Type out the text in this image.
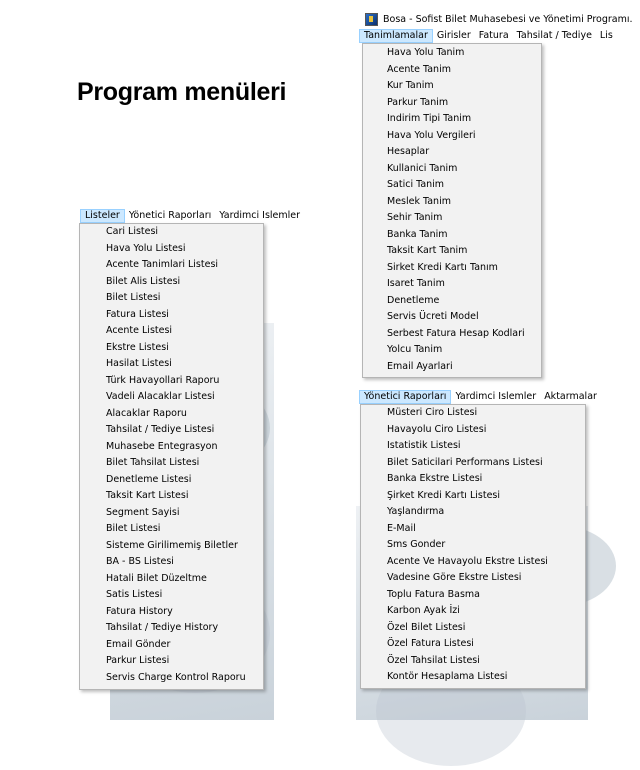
Program menüleri
Listeler Yönetici Raporları Yardimci Islemler
Cari Listesi
Hava Yolu Listesi
Acente Tanimlari Listesi
Bilet Alis Listesi
Bilet Listesi
Fatura Listesi
Acente Listesi
Ekstre Listesi
Hasilat Listesi
Türk Havayollari Raporu
Vadeli Alacaklar Listesi
Alacaklar Raporu
Tahsilat / Tediye Listesi
Muhasebe Entegrasyon
Bilet Tahsilat Listesi
Denetleme Listesi
Taksit Kart Listesi
Segment Sayisi
Bilet Listesi
Sisteme Girilimemiş Biletler
BA - BS Listesi
Hatali Bilet Düzeltme
Satis Listesi
Fatura History
Tahsilat / Tediye History
Email Gönder
Parkur Listesi
Servis Charge Kontrol Raporu
Bosa - Sofist Bilet Muhasebesi ve Yönetimi Programı.
Tanimlamalar Girisler Fatura Tahsilat / Tediye Lis
Hava Yolu Tanim
Acente Tanim
Kur Tanim
Parkur Tanim
Indirim Tipi Tanim
Hava Yolu Vergileri
Hesaplar
Kullanici Tanim
Satici Tanim
Meslek Tanim
Sehir Tanim
Banka Tanim
Taksit Kart Tanim
Sirket Kredi Kartı Tanım
Isaret Tanim
Denetleme
Servis Ücreti Model
Serbest Fatura Hesap Kodlari
Yolcu Tanim
Email Ayarlari
Yönetici Raporları Yardimci Islemler Aktarmalar
Müsteri Ciro Listesi
Havayolu Ciro Listesi
Istatistik Listesi
Bilet Saticilari Performans Listesi
Banka Ekstre Listesi
Şirket Kredi Kartı Listesi
Yaşlandırma
E-Mail
Sms Gonder
Acente Ve Havayolu Ekstre Listesi
Vadesine Göre Ekstre Listesi
Toplu Fatura Basma
Karbon Ayak İzi
Özel Bilet Listesi
Özel Fatura Listesi
Özel Tahsilat Listesi
Kontör Hesaplama Listesi
